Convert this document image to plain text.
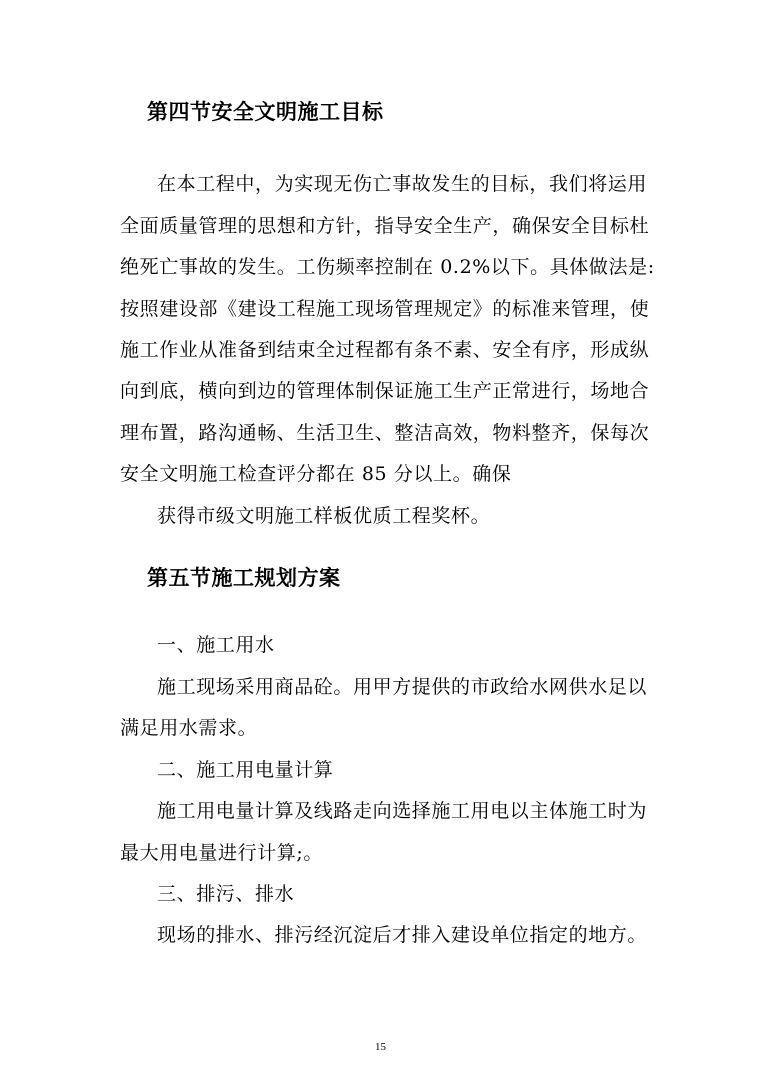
第四节安全文明施工目标
在本工程中，为实现无伤亡事故发生的目标，我们将运用
全面质量管理的思想和方针，指导安全生产，确保安全目标杜
绝死亡事故的发生。工伤频率控制在 0.2%以下。具体做法是:
按照建设部《建设工程施工现场管理规定》的标准来管理，使
施工作业从准备到结束全过程都有条不素、安全有序，形成纵
向到底，横向到边的管理体制保证施工生产正常进行，场地合
理布置，路沟通畅、生活卫生、整洁高效，物料整齐，保每次
安全文明施工检查评分都在 85 分以上。确保
获得市级文明施工样板优质工程奖杯。
第五节施工规划方案
一、施工用水
施工现场采用商品砼。用甲方提供的市政给水网供水足以
满足用水需求。
二、施工用电量计算
施工用电量计算及线路走向选择施工用电以主体施工时为
最大用电量进行计算;。
三、排污、排水
现场的排水、排污经沉淀后才排入建设单位指定的地方。
15
